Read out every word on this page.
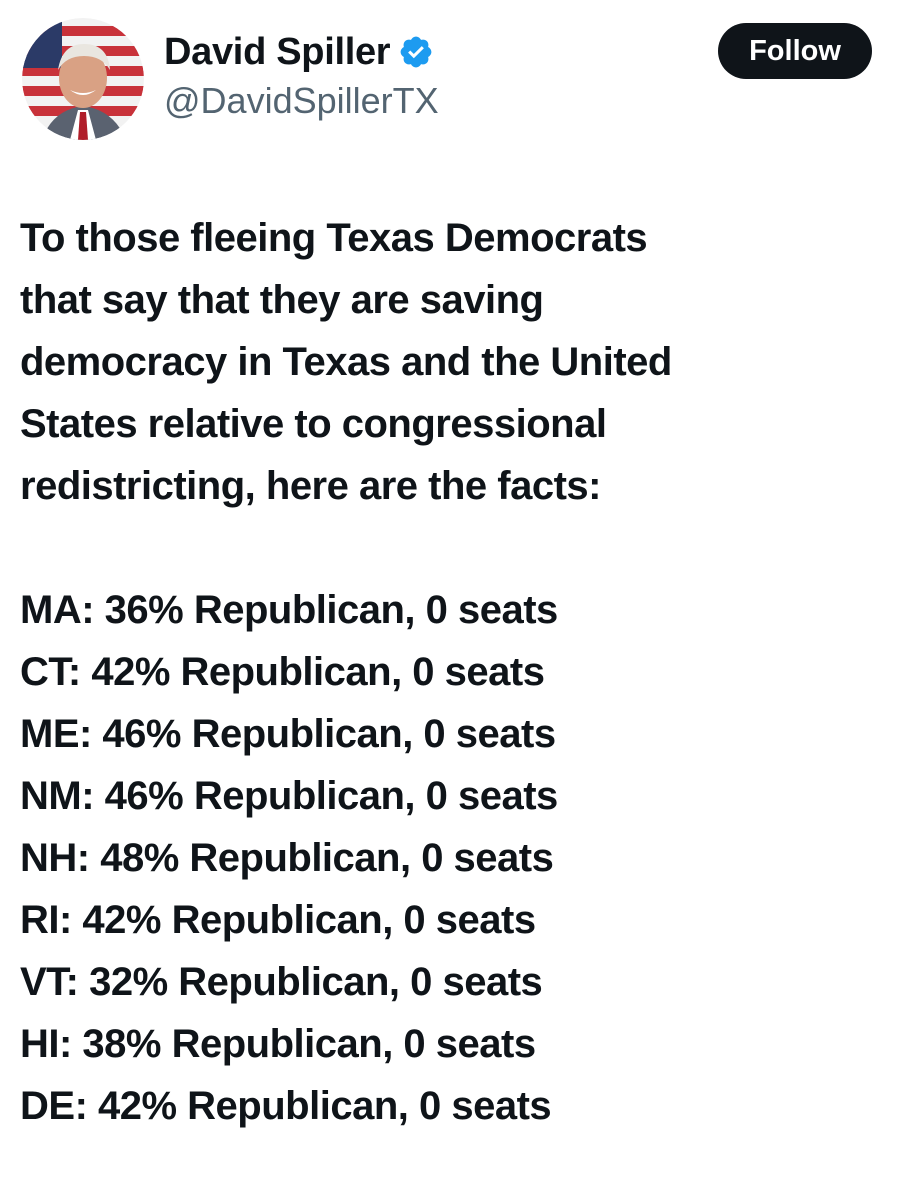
David Spiller
@DavidSpillerTX
Follow
To those fleeing Texas Democrats
that say that they are saving
democracy in Texas and the United
States relative to congressional
redistricting, here are the facts:
MA: 36% Republican, 0 seats
CT: 42% Republican, 0 seats
ME: 46% Republican, 0 seats
NM: 46% Republican, 0 seats
NH: 48% Republican, 0 seats
RI: 42% Republican, 0 seats
VT: 32% Republican, 0 seats
HI: 38% Republican, 0 seats
DE: 42% Republican, 0 seats
